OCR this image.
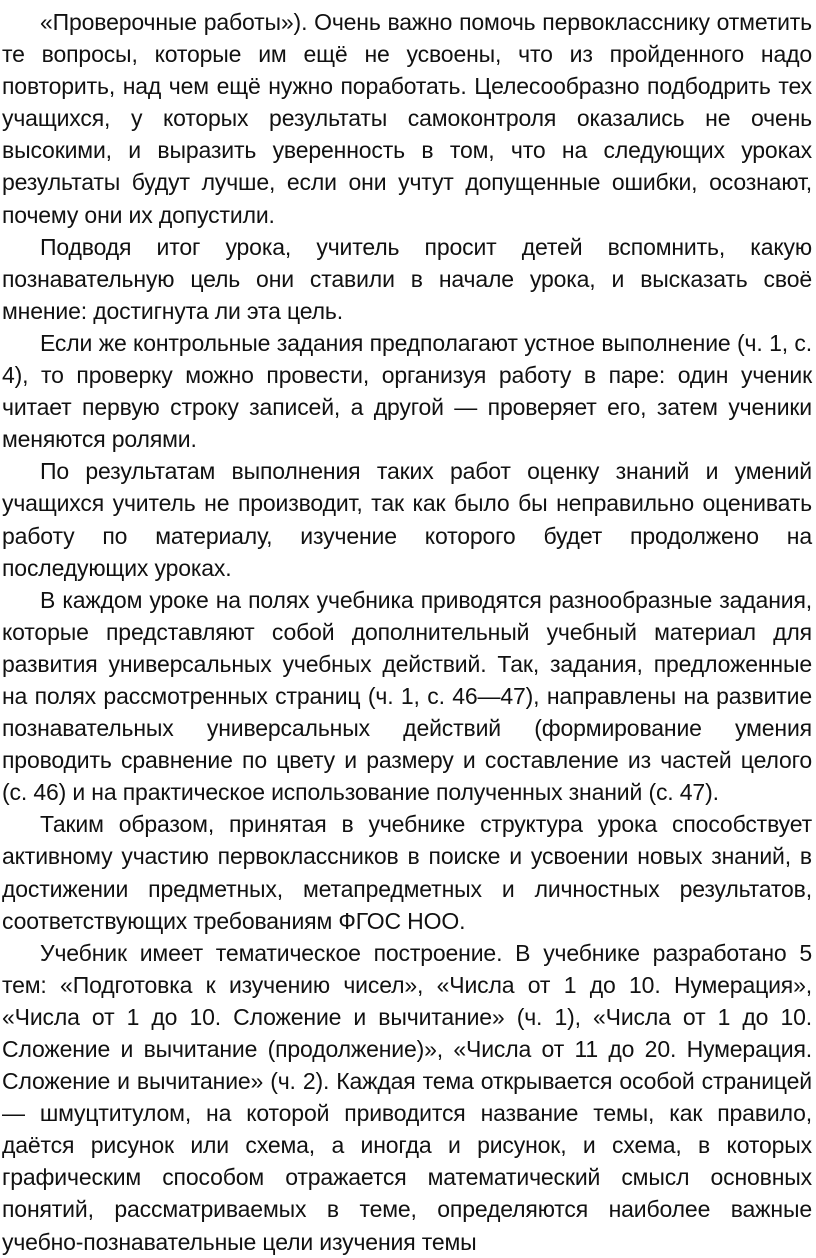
«Проверочные работы»). Очень важно помочь первокласснику отметить те вопросы, которые им ещё не усвоены, что из пройденного надо повторить, над чем ещё нужно поработать. Целесообразно подбодрить тех учащихся, у которых результаты самоконтроля оказались не очень высокими, и выразить уверенность в том, что на следующих уроках результаты будут лучше, если они учтут допущенные ошибки, осознают, почему они их допустили.

Подводя итог урока, учитель просит детей вспомнить, какую познавательную цель они ставили в начале урока, и высказать своё мнение: достигнута ли эта цель.

Если же контрольные задания предполагают устное выполнение (ч. 1, с. 4), то проверку можно провести, организуя работу в паре: один ученик читает первую строку записей, а другой — проверяет его, затем ученики меняются ролями.

По результатам выполнения таких работ оценку знаний и умений учащихся учитель не производит, так как было бы неправильно оценивать работу по материалу, изучение которого будет продолжено на последующих уроках.

В каждом уроке на полях учебника приводятся разнообразные задания, которые представляют собой дополнительный учебный материал для развития универсальных учебных действий. Так, задания, предложенные на полях рассмотренных страниц (ч. 1, с. 46—47), направлены на развитие познавательных универсальных действий (формирование умения проводить сравнение по цвету и размеру и составление из частей целого (с. 46) и на практическое использование полученных знаний (с. 47).

Таким образом, принятая в учебнике структура урока способствует активному участию первоклассников в поиске и усвоении новых знаний, в достижении предметных, метапредметных и личностных результатов, соответствующих требованиям ФГОС НОО.

Учебник имеет тематическое построение. В учебнике разработано 5 тем: «Подготовка к изучению чисел», «Числа от 1 до 10. Нумерация», «Числа от 1 до 10. Сложение и вычитание» (ч. 1), «Числа от 1 до 10. Сложение и вычитание (продолжение)», «Числа от 11 до 20. Нумерация. Сложение и вычитание» (ч. 2). Каждая тема открывается особой страницей — шмуцтитулом, на которой приводится название темы, как правило, даётся рисунок или схема, а иногда и рисунок, и схема, в которых графическим способом отражается математический смысл основных понятий, рассматриваемых в теме, определяются наиболее важные учебно-познавательные цели изучения темы
